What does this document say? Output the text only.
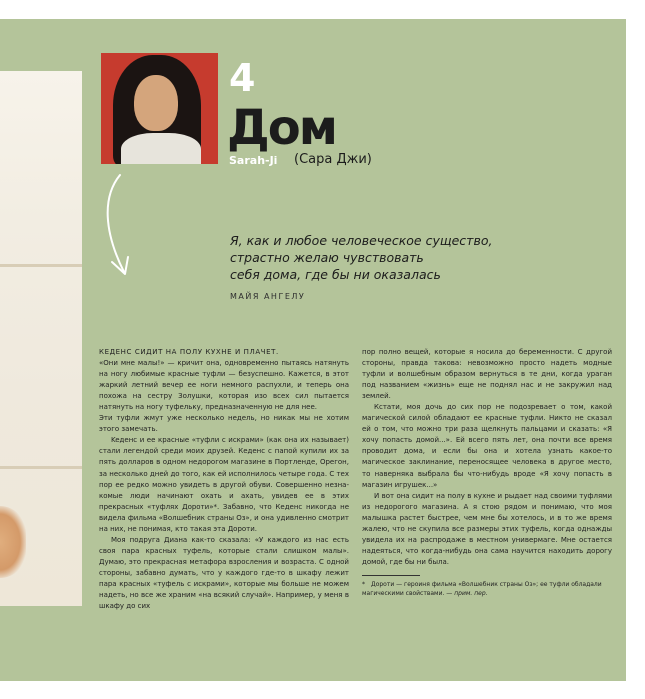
4
Дом
Sarah-Ji (Сара Джи)

Я, как и любое человеческое существо,
страстно желаю чувствовать
себя дома, где бы ни оказалась

МАЙЯ АНГЕЛУ

КЕДЕНС СИДИТ НА ПОЛУ КУХНЕ И ПЛАЧЕТ.

«Они мне малы!» — кричит она, одновременно пытаясь натянуть на ногу любимые красные туфли — безуспешно. Кажется, в этот жаркий летний вечер ее ноги немного распухли, и теперь она похожа на сестру Золушки, которая изо всех сил пытается натянуть на ногу туфельку, предназначенную не для нее.

Эти туфли жмут уже несколько недель, но никак мы не хотим этого замечать.

Keденс и ее красные «туфли с искрами» (как она их называет) стали легендой среди моих друзей. Кеденс с папой купили их за пять долларов в одном недорогом магазине в Портленде, Орегон, за несколько дней до того, как ей исполнилось четыре года. С тех пор ее редко можно увидеть в другой обуви. Совершенно незна-комые люди начинают охать и ахать, увидев ее в этих прекрасных «туфлях Дороти»*. Забавно, что Кеденс никогда не видела фильма «Волшебник страны Оз», и она удивленно смотрит на них, не понимая, кто такая эта Дороти.

Моя подруга Диана как-то сказала: «У каждого из нас есть своя пара красных туфель, которые стали слишком малы». Думаю, это прекрасная метафора взросления и возраста. С одной стороны, забавно думать, что у каждого где-то в шкафу лежит пара красных «туфель с искрами», которые мы больше не можем надеть, но все же храним «на всякий случай». Например, у меня в шкафу до сих

пор полно вещей, которые я носила до беременности. С другой стороны, правда такова: невозможно просто надеть модные туфли и волшебным образом вернуться в те дни, когда ураган под названием «жизнь» еще не поднял нас и не закружил над землей.

Кстати, моя дочь до сих пор не подозревает о том, какой магической силой обладают ее красные туфли. Никто не сказал ей о том, что можно три раза щелкнуть пальцами и сказать: «Я хочу попасть домой...». Ей всего пять лет, она почти все время проводит дома, и если бы она и хотела узнать какое-то магическое заклинание, переносящее человека в другое место, то наверняка выбрала бы что-нибудь вроде «Я хочу попасть в магазин игрушек...»

И вот она сидит на полу в кухне и рыдает над своими туфлями из недорогого магазина. А я стою рядом и понимаю, что моя малышка растет быстрее, чем мне бы хотелось, и в то же время жалею, что не скупила все размеры этих туфель, когда однажды увидела их на распродаже в местном универмаге. Мне остается надеяться, что когда-нибудь она сама научится находить дорогу домой, где бы ни была.

* Дороти — героиня фильма «Волшебник страны Оз»; ее туфли обладали магическими свойствами. — прим. пер.
